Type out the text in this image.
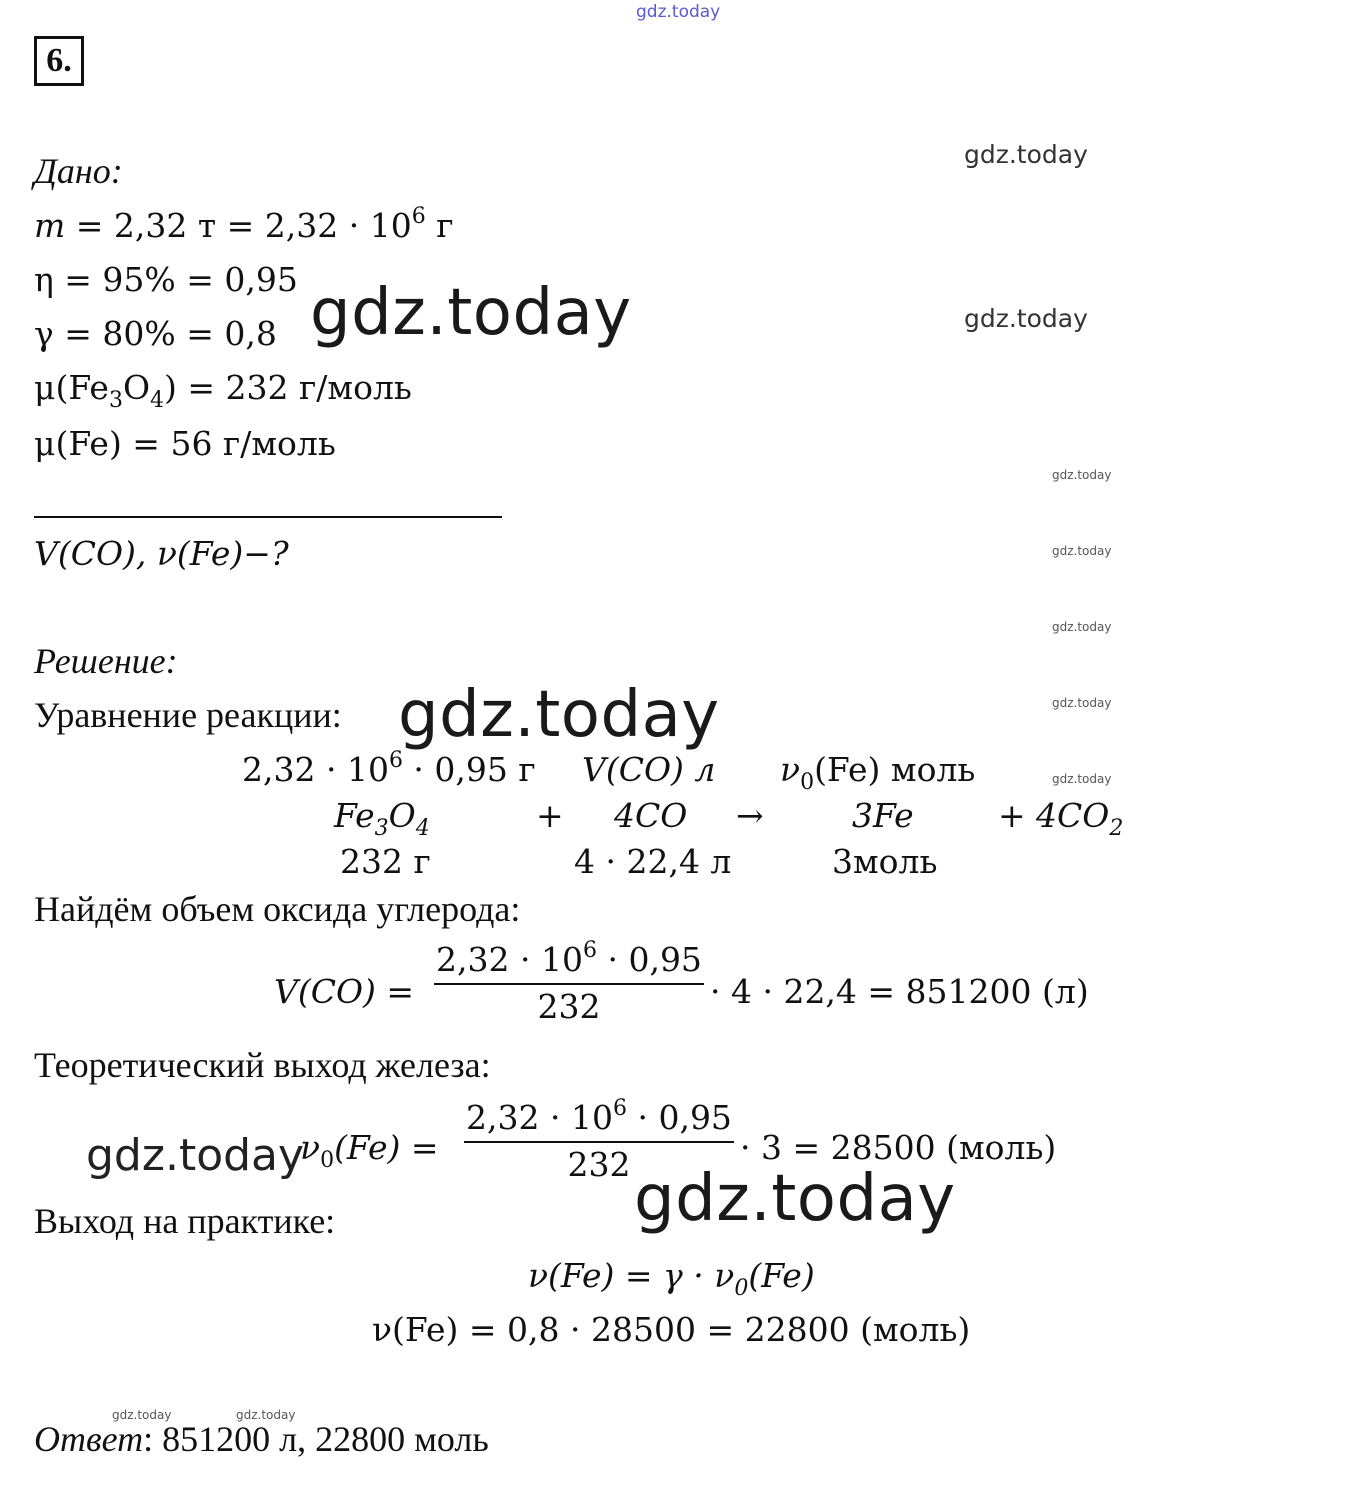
gdz.today
gdz.today
gdz.today
gdz.today
gdz.today
gdz.today
gdz.today
gdz.today
gdz.today	gdz.today
6.
Дано:
m = 2,32 $т = 2,32 \cdot 10^6$ г
η = 95% = 0,95
γ = 80% = 0,8
$\mu(Fe_3O_4) = 232$ г/моль
μ(Fe) = 56 г/моль
V(CO), ν(Fe)−?
Решение:
Уравнение реакции:
$2,32 \cdot 10^6 \cdot 0,95$ г V(CO) л $\nu_0(Fe)$ моль
$Fe_3O_4$	+ 4CO →	3Fe	+ $4CO_2$
232 г	4 · 22,4 л	3моль
Найдём объем оксида углерода:
V(CO) =
$2,32 \cdot 10^6 \cdot 0,95$
232	· 4 · 22,4 = 851200 (л)
Теоретический выход железа:
$\nu_0(Fe)$ =
$2,32 \cdot 10^6 \cdot 0,95$
232	· 3 = 28500 (моль)
Выход на практике:
$\nu(Fe) = \gamma \cdot \nu_0(Fe)$
ν(Fe) = 0,8 · 28500 = 22800 (моль)
Ответ: 851200 л, 22800 моль
gdz.today
gdz.today
gdz.today
gdz.today
